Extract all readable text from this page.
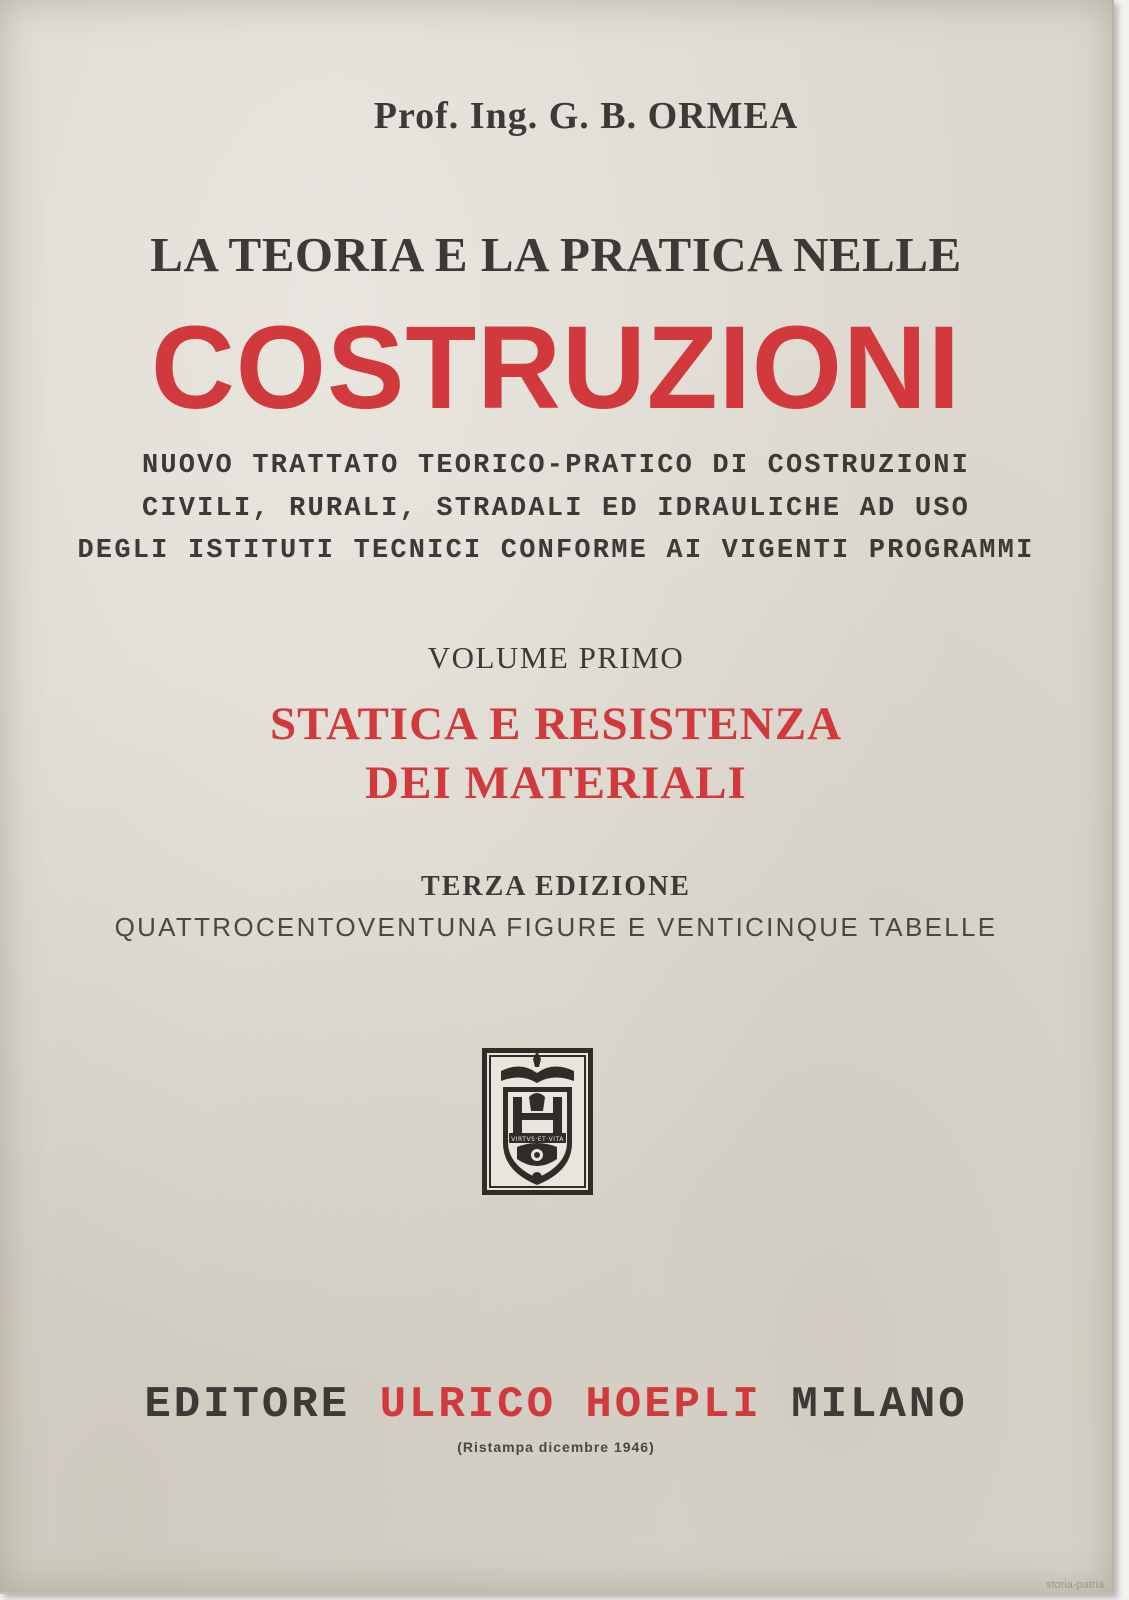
Prof. Ing. G. B. ORMEA
LA TEORIA E LA PRATICA NELLE
COSTRUZIONI
NUOVO TRATTATO TEORICO-PRATICO DI COSTRUZIONI
CIVILI, RURALI, STRADALI ED IDRAULICHE AD USO
DEGLI ISTITUTI TECNICI CONFORME AI VIGENTI PROGRAMMI
VOLUME PRIMO
STATICA E RESISTENZA
DEI MATERIALI
TERZA EDIZIONE
QUATTROCENTOVENTUNA FIGURE E VENTICINQUE TABELLE
VIRTVS·ET·VITA
EDITORE ULRICO HOEPLI MILANO
(Ristampa dicembre 1946)
storia-patria
